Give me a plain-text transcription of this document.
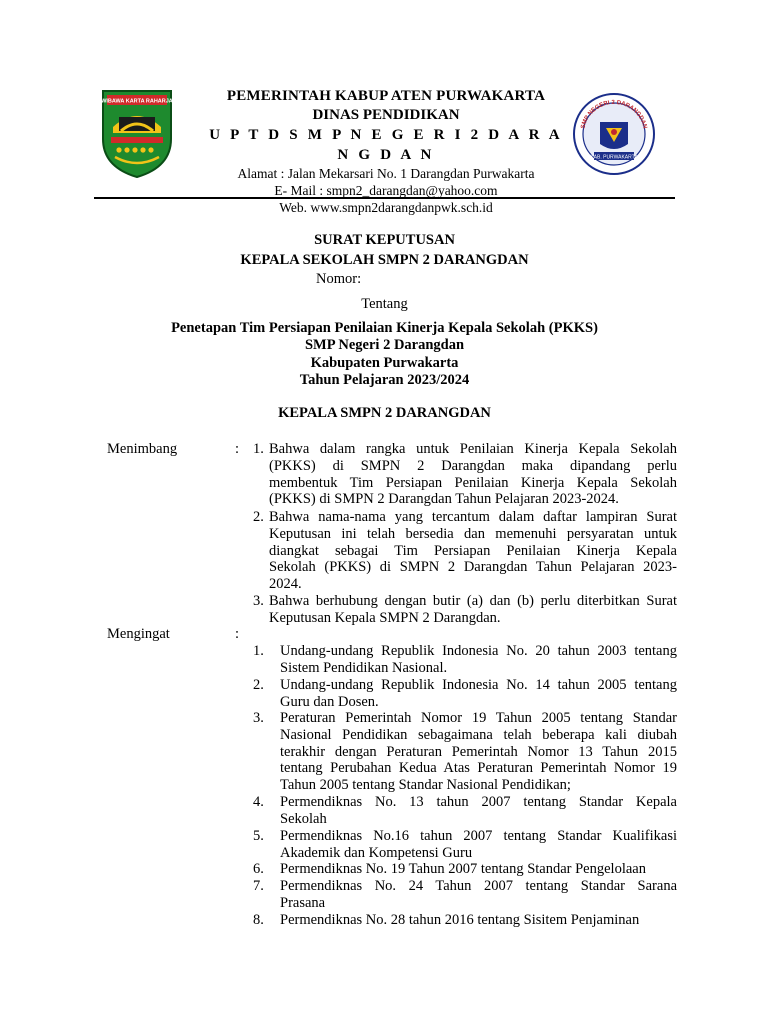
WIBAWA KARTA RAHARJA	PEMERINTAH KABUP ATEN PURWAKARTA
DINAS PENDIDIKAN
U P T D S M P N E G E R I 2 D A R A N G D A N
Alamat : Jalan Mekarsari No. 1 Darangdan Purwakarta
E- Mail : smpn2_darangdan@yahoo.com
Web. www.smpn2darangdanpwk.sch.id
SMP NEGERI 2 DARANGDAN
KAB. PURWAKARTA
SURAT KEPUTUSAN
KEPALA SEKOLAH SMPN 2 DARANGDAN
Nomor:
Tentang
Penetapan Tim Persiapan Penilaian Kinerja Kepala Sekolah (PKKS)
SMP Negeri 2 Darangdan
Kabupaten Purwakarta
Tahun Pelajaran 2023/2024
KEPALA SMPN 2 DARANGDAN
Menimbang	: 1. Bahwa dalam rangka untuk Penilaian Kinerja Kepala Sekolah
(PKKS) di SMPN 2 Darangdan maka dipandang perlu
membentuk Tim Persiapan Penilaian Kinerja Kepala Sekolah
(PKKS) di SMPN 2 Darangdan Tahun Pelajaran 2023-2024.
2. Bahwa nama-nama yang tercantum dalam daftar lampiran Surat
Keputusan ini telah bersedia dan memenuhi persyaratan untuk
diangkat sebagai Tim Persiapan Penilaian Kinerja Kepala
Sekolah (PKKS) di SMPN 2 Darangdan Tahun Pelajaran 2023-
2024.
3. Bahwa berhubung dengan butir (a) dan (b) perlu diterbitkan Surat
Keputusan Kepala SMPN 2 Darangdan.
Mengingat	:
1. Undang-undang Republik Indonesia No. 20 tahun 2003 tentang
Sistem Pendidikan Nasional.
2. Undang-undang Republik Indonesia No. 14 tahun 2005 tentang
Guru dan Dosen.
3. Peraturan Pemerintah Nomor 19 Tahun 2005 tentang Standar
Nasional Pendidikan sebagaimana telah beberapa kali diubah
terakhir dengan Peraturan Pemerintah Nomor 13 Tahun 2015
tentang Perubahan Kedua Atas Peraturan Pemerintah Nomor 19
Tahun 2005 tentang Standar Nasional Pendidikan;
4. Permendiknas No. 13 tahun 2007 tentang Standar Kepala
Sekolah
5. Permendiknas No.16 tahun 2007 tentang Standar Kualifikasi
Akademik dan Kompetensi Guru
6. Permendiknas No. 19 Tahun 2007 tentang Standar Pengelolaan
7. Permendiknas No. 24 Tahun 2007 tentang Standar Sarana
Prasana
8. Permendiknas No. 28 tahun 2016 tentang Sisitem Penjaminan
